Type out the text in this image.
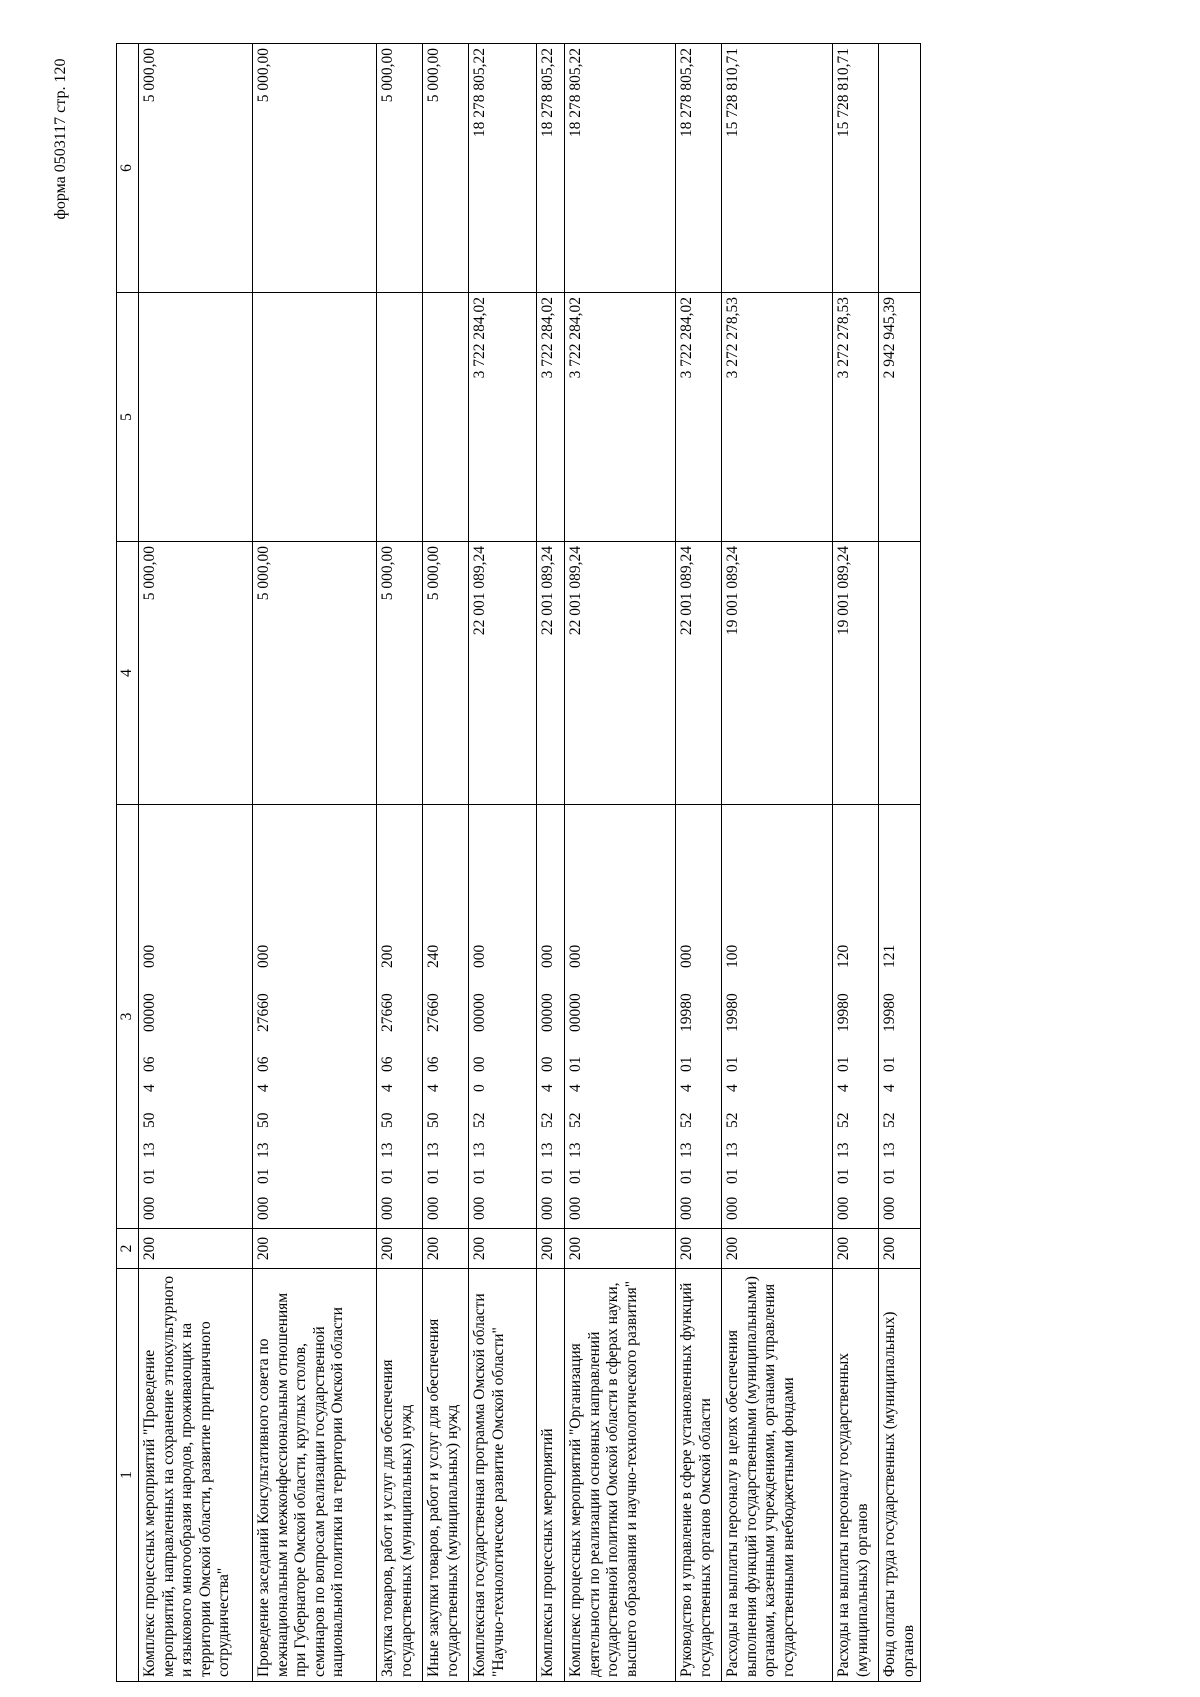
форма 0503117 стр. 120
1	2	3	4	5	6
Комплекс процессных мероприятий "Проведение мероприятий, направленных на сохранение этнокультурного и языкового многообразия народов, проживающих на территории Омской области, развитие приграничного сотрудничества"	200	00001135040600000000	5 000,00		5 000,00
Проведение заседаний Консультативного совета по межнациональным и межконфессиональным отношениям при Губернаторе Омской области, круглых столов, семинаров по вопросам реализации государственной национальной политики на территории Омской области	200	00001135040627660000	5 000,00		5 000,00
Закупка товаров, работ и услуг для обеспечения государственных (муниципальных) нужд	200	00001135040627660200	5 000,00		5 000,00
Иные закупки товаров, работ и услуг для обеспечения государственных (муниципальных) нужд	200	00001135040627660240	5 000,00		5 000,00
Комплексная государственная программа Омской области "Научно-технологическое развитие Омской области"	200	00001135200000000000	22 001 089,24	3 722 284,02	18 278 805,22
Комплексы процессных мероприятий	200	00001135240000000000	22 001 089,24	3 722 284,02	18 278 805,22
Комплекс процессных мероприятий "Организация деятельности по реализации основных направлений государственной политики Омской области в сферах науки, высшего образования и научно-технологического развития"	200	00001135240100000000	22 001 089,24	3 722 284,02	18 278 805,22
Руководство и управление в сфере установленных функций государственных органов Омской области	200	00001135240119980000	22 001 089,24	3 722 284,02	18 278 805,22
Расходы на выплаты персоналу в целях обеспечения выполнения функций государственными (муниципальными) органами, казенными учреждениями, органами управления государственными внебюджетными фондами	200	00001135240119980100	19 001 089,24	3 272 278,53	15 728 810,71
Расходы на выплаты персоналу государственных (муниципальных) органов	200	00001135240119980120	19 001 089,24	3 272 278,53	15 728 810,71
Фонд оплаты труда государственных (муниципальных) органов	200	00001135240119980121		2 942 945,39	
